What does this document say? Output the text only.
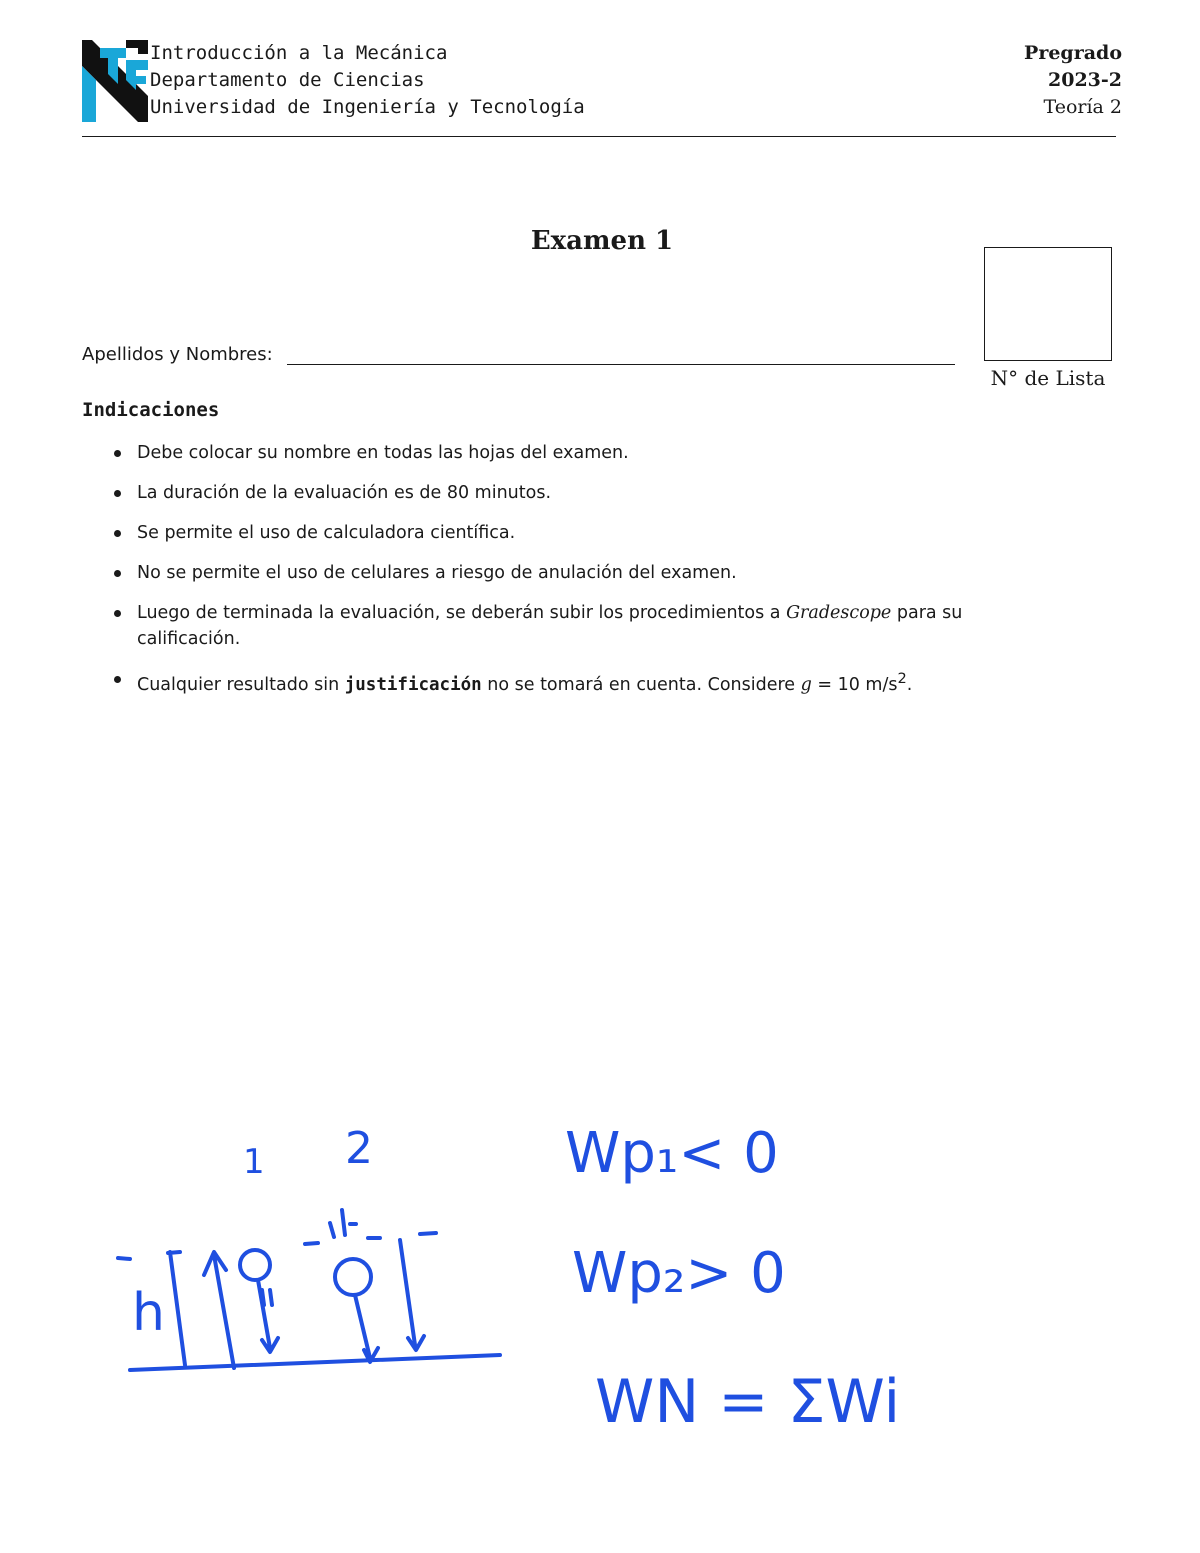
Introducción a la Mecánica
Departamento de Ciencias
Universidad de Ingeniería y Tecnología
Pregrado
2023-2
Teoría 2
Examen 1
Apellidos y Nombres:
N° de Lista
Indicaciones
Debe colocar su nombre en todas las hojas del examen.
La duración de la evaluación es de 80 minutos.
Se permite el uso de calculadora científica.
No se permite el uso de celulares a riesgo de anulación del examen.
Luego de terminada la evaluación, se deberán subir los procedimientos a Gradescope para su calificación.
Cualquier resultado sin justificación no se tomará en cuenta. Considere g = 10 $m/s^2$.
h
1 2	Wp₁< 0
Wp₂> 0
WN = ΣWi
